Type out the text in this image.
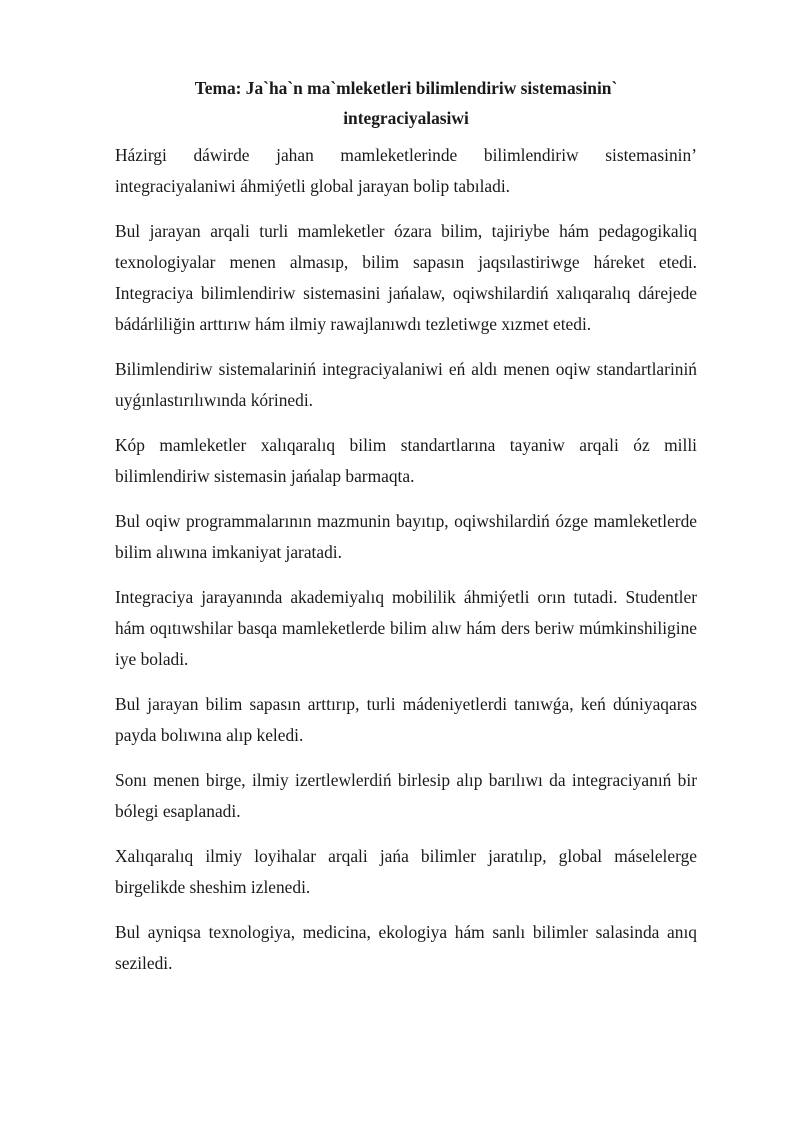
Tema: Ja`ha`n ma`mleketleri bilimlendiriw sistemasinin`
integraciyalasiwi

Házirgi dáwirde jahan mamleketlerinde bilimlendiriw sistemasinin’ integraciyalaniwi áhmiýetli global jarayan bolip tabıladi.

Bul jarayan arqali turli mamleketler ózara bilim, tajiriybe hám pedagogikaliq texnologiyalar menen almasıp, bilim sapasın jaqsılastiriwge háreket etedi. Integraciya bilimlendiriw sistemasini jańalaw, oqiwshilardiń xalıqaralıq dárejede bádárliliğin arttırıw hám ilmiy rawajlanıwdı tezletiwge xızmet etedi.

Bilimlendiriw sistemalariniń integraciyalaniwi eń aldı menen oqiw standartlariniń uyǵınlastırılıwında kórinedi.

Kóp mamleketler xalıqaralıq bilim standartlarına tayaniw arqali óz milli bilimlendiriw sistemasin jańalap barmaqta.

Bul oqiw programmalarının mazmunin bayıtıp, oqiwshilardiń ózge mamleketlerde bilim alıwına imkaniyat jaratadi.

Integraciya jarayanında akademiyalıq mobililik áhmiýetli orın tutadi. Studentler hám oqıtıwshilar basqa mamleketlerde bilim alıw hám ders beriw múmkinshiligine iye boladi.

Bul jarayan bilim sapasın arttırıp, turli mádeniyetlerdi tanıwǵa, keń dúniyaqaras payda bolıwına alıp keledi.

Sonı menen birge, ilmiy izertlewlerdiń birlesip alıp barılıwı da integraciyanıń bir bólegi esaplanadi.

Xalıqaralıq ilmiy loyihalar arqali jańa bilimler jaratılıp, global máselelerge birgelikde sheshim izlenedi.

Bul ayniqsa texnologiya, medicina, ekologiya hám sanlı bilimler salasinda anıq seziledi.
